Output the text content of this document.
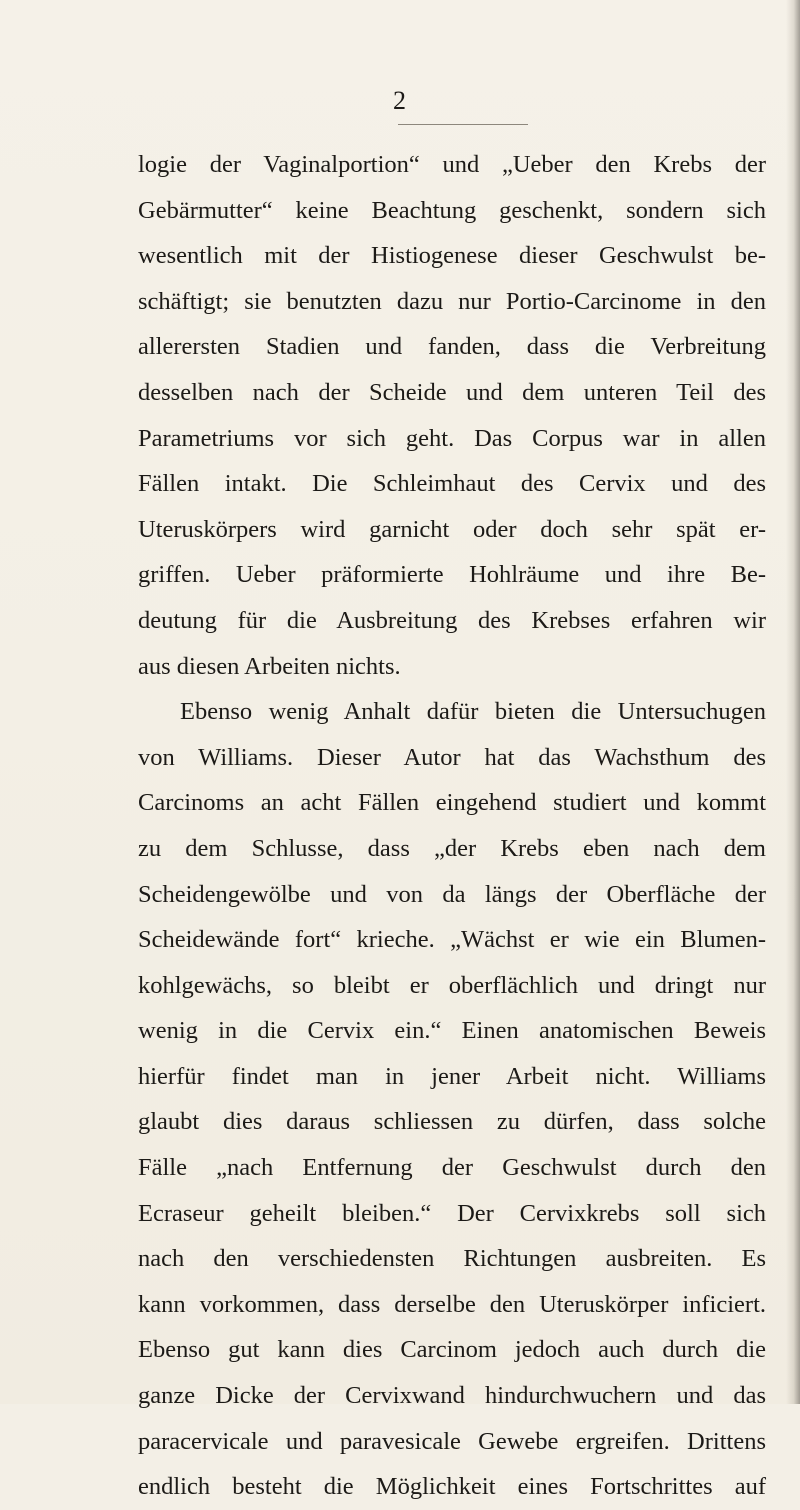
2
logie der Vaginalportion“ und „Ueber den Krebs der
Gebärmutter“ keine Beachtung geschenkt, sondern sich
wesentlich mit der Histiogenese dieser Geschwulst be-
schäftigt; sie benutzten dazu nur Portio-Carcinome in den
allerersten Stadien und fanden, dass die Verbreitung
desselben nach der Scheide und dem unteren Teil des
Parametriums vor sich geht. Das Corpus war in allen
Fällen intakt. Die Schleimhaut des Cervix und des
Uteruskörpers wird garnicht oder doch sehr spät er-
griffen. Ueber präformierte Hohlräume und ihre Be-
deutung für die Ausbreitung des Krebses erfahren wir
aus diesen Arbeiten nichts.
Ebenso wenig Anhalt dafür bieten die Untersuchugen
von Williams. Dieser Autor hat das Wachsthum des
Carcinoms an acht Fällen eingehend studiert und kommt
zu dem Schlusse, dass „der Krebs eben nach dem
Scheidengewölbe und von da längs der Oberfläche der
Scheidewände fort“ krieche. „Wächst er wie ein Blumen-
kohlgewächs, so bleibt er oberflächlich und dringt nur
wenig in die Cervix ein.“ Einen anatomischen Beweis
hierfür findet man in jener Arbeit nicht. Williams
glaubt dies daraus schliessen zu dürfen, dass solche
Fälle „nach Entfernung der Geschwulst durch den
Ecraseur geheilt bleiben.“ Der Cervixkrebs soll sich
nach den verschiedensten Richtungen ausbreiten. Es
kann vorkommen, dass derselbe den Uteruskörper inficiert.
Ebenso gut kann dies Carcinom jedoch auch durch die
ganze Dicke der Cervixwand hindurchwuchern und das
paracervicale und paravesicale Gewebe ergreifen. Drittens
endlich besteht die Möglichkeit eines Fortschrittes auf
